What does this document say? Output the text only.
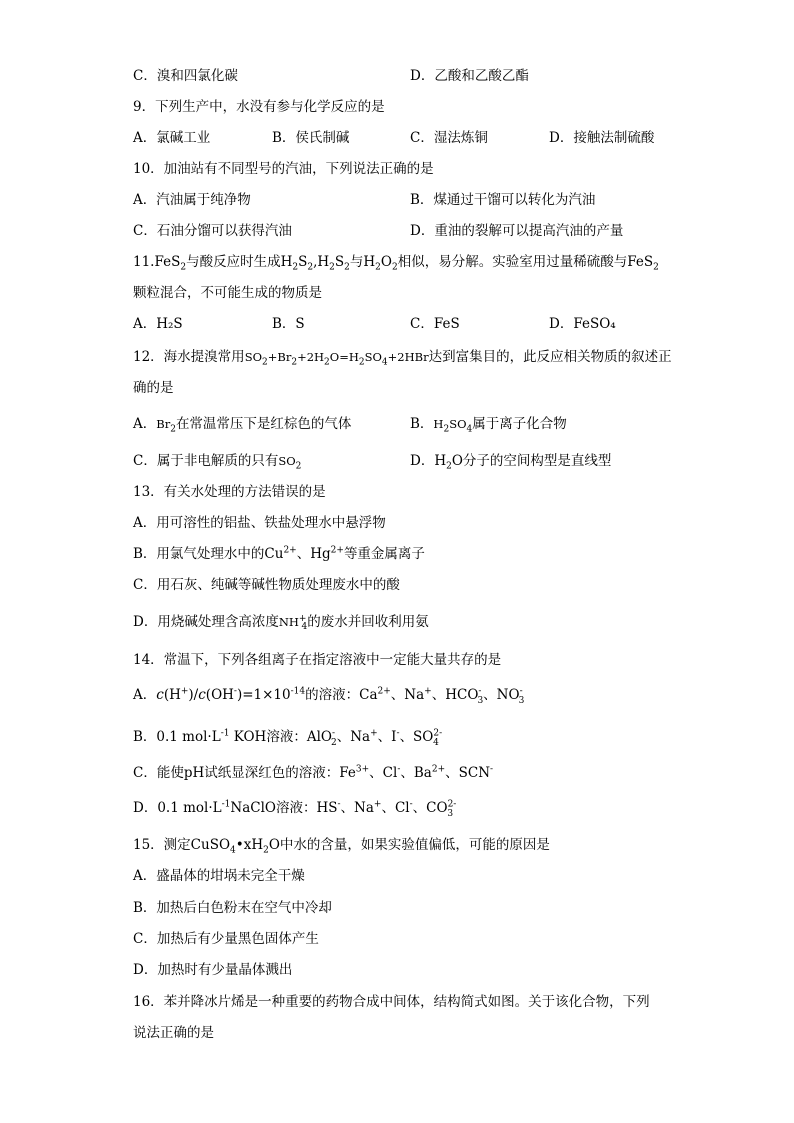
C．溴和四氯化碳	D．乙酸和乙酸乙酯
9．下列生产中，水没有参与化学反应的是
A．氯碱工业	B．侯氏制碱	C．湿法炼铜	D．接触法制硫酸
10．加油站有不同型号的汽油，下列说法正确的是
A．汽油属于纯净物	B．煤通过干馏可以转化为汽油
C．石油分馏可以获得汽油	D．重油的裂解可以提高汽油的产量
11.FeS$_2$与酸反应时生成$H_2S_2,H_2S_2$与$H_2O_2$相似，易分解。实验室用过量稀硫酸与FeS$_2$
颗粒混合，不可能生成的物质是
A．H₂S	B．S	C．FeS	D．FeSO₄
12．海水提溴常用$SO_2+Br_2+2H_2O=H_2SO_4+2HBr$达到富集目的，此反应相关物质的叙述正
确的是
A．$Br_2$在常温常压下是红棕色的气体	B．$H_2SO_4$属于离子化合物
C．属于非电解质的只有$SO_2$	D．$H_2O$分子的空间构型是直线型
13．有关水处理的方法错误的是
A．用可溶性的铝盐、铁盐处理水中悬浮物
B．用氯气处理水中的$Cu^{2+}$、$Hg^{2+}$等重金属离子
C．用石灰、纯碱等碱性物质处理废水中的酸
D．用烧碱处理含高浓度$NH^+_4$的废水并回收利用氨
14．常温下，下列各组离子在指定溶液中一定能大量共存的是
A．$c(H^+)/c(OH^-)=1\times 10^{-14}$的溶液：$Ca^{2+}$、Na+、$HCO^-_3$、$NO^-_3$
B．0.1 $mol\cdot L^{-1}$ KOH溶液：AlO-$_2$、Na+、I-、$SO^{2-}_4$
C．能使pH试纸显深红色的溶液：$Fe^{3+}$、Cl-、$Ba^{2+}$、SCN-
D．0.1 $mol\cdot L^{-1}NaClO$溶液：HS-、Na+、Cl-、$CO^{2-}_3$
15．测定$CuSO_4•xH_2O$中水的含量，如果实验值偏低，可能的原因是
A．盛晶体的坩埚未完全干燥
B．加热后白色粉末在空气中冷却
C．加热后有少量黑色固体产生
D．加热时有少量晶体溅出
16．苯并降冰片烯是一种重要的药物合成中间体，结构简式如图。关于该化合物，下列
说法正确的是
